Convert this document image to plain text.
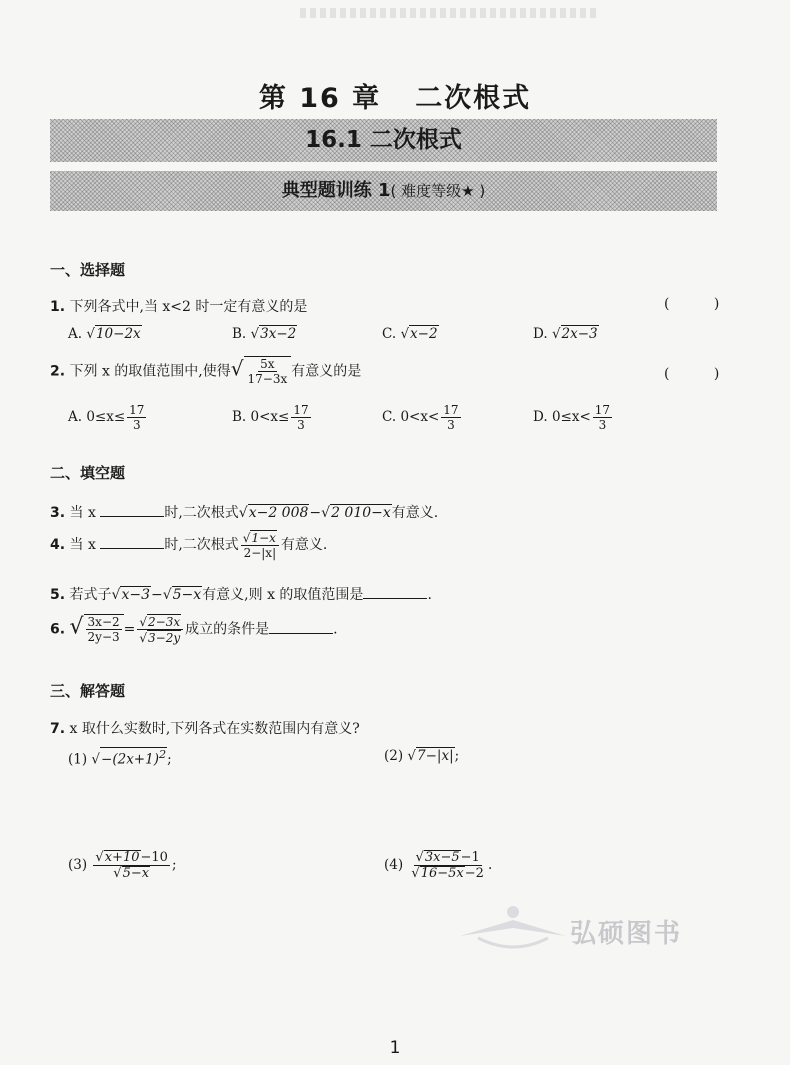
第 16 章 二次根式
16.1 二次根式
典型题训练 1( 难度等级★ )
一、选择题
1. 下列各式中,当 x<2 时一定有意义的是	( )
A. √10−2x	B. √3x−2	C. √x−2	D. √2x−3
2. 下列 x 的取值范围中,使得√ $\frac{5x}{17-3x}$ 有意义的是	( )
A. $0\le x\le \frac{17}{3}$	B. $0<x\le \frac{17}{3}$	C. $0<x< \frac{17}{3}$	D. $0\le x< \frac{17}{3}$
二、填空题
3. 当 x	时,二次根式√x−2 008−√2 010−x有意义.
4. 当 x	时,二次根式 $\frac{√1-x}{2-|x|}$ 有意义.
5. 若式子√x−3−√5−x有意义,则 x 的取值范围是	.
6. √ $\frac{3x-2}{2y-3} = \frac{√2-3x}{√3-2y}$ 成立的条件是	.
三、解答题
7. x 取什么实数时,下列各式在实数范围内有意义?
(1) $√-(2x+1)^2$;	(2) √7−|x|;
$(3) \frac{√x+10-10}{√5-x}$ ;	$(4) \frac{√3x-5-1}{√16-5x-2}$ .
弘硕图书
1
